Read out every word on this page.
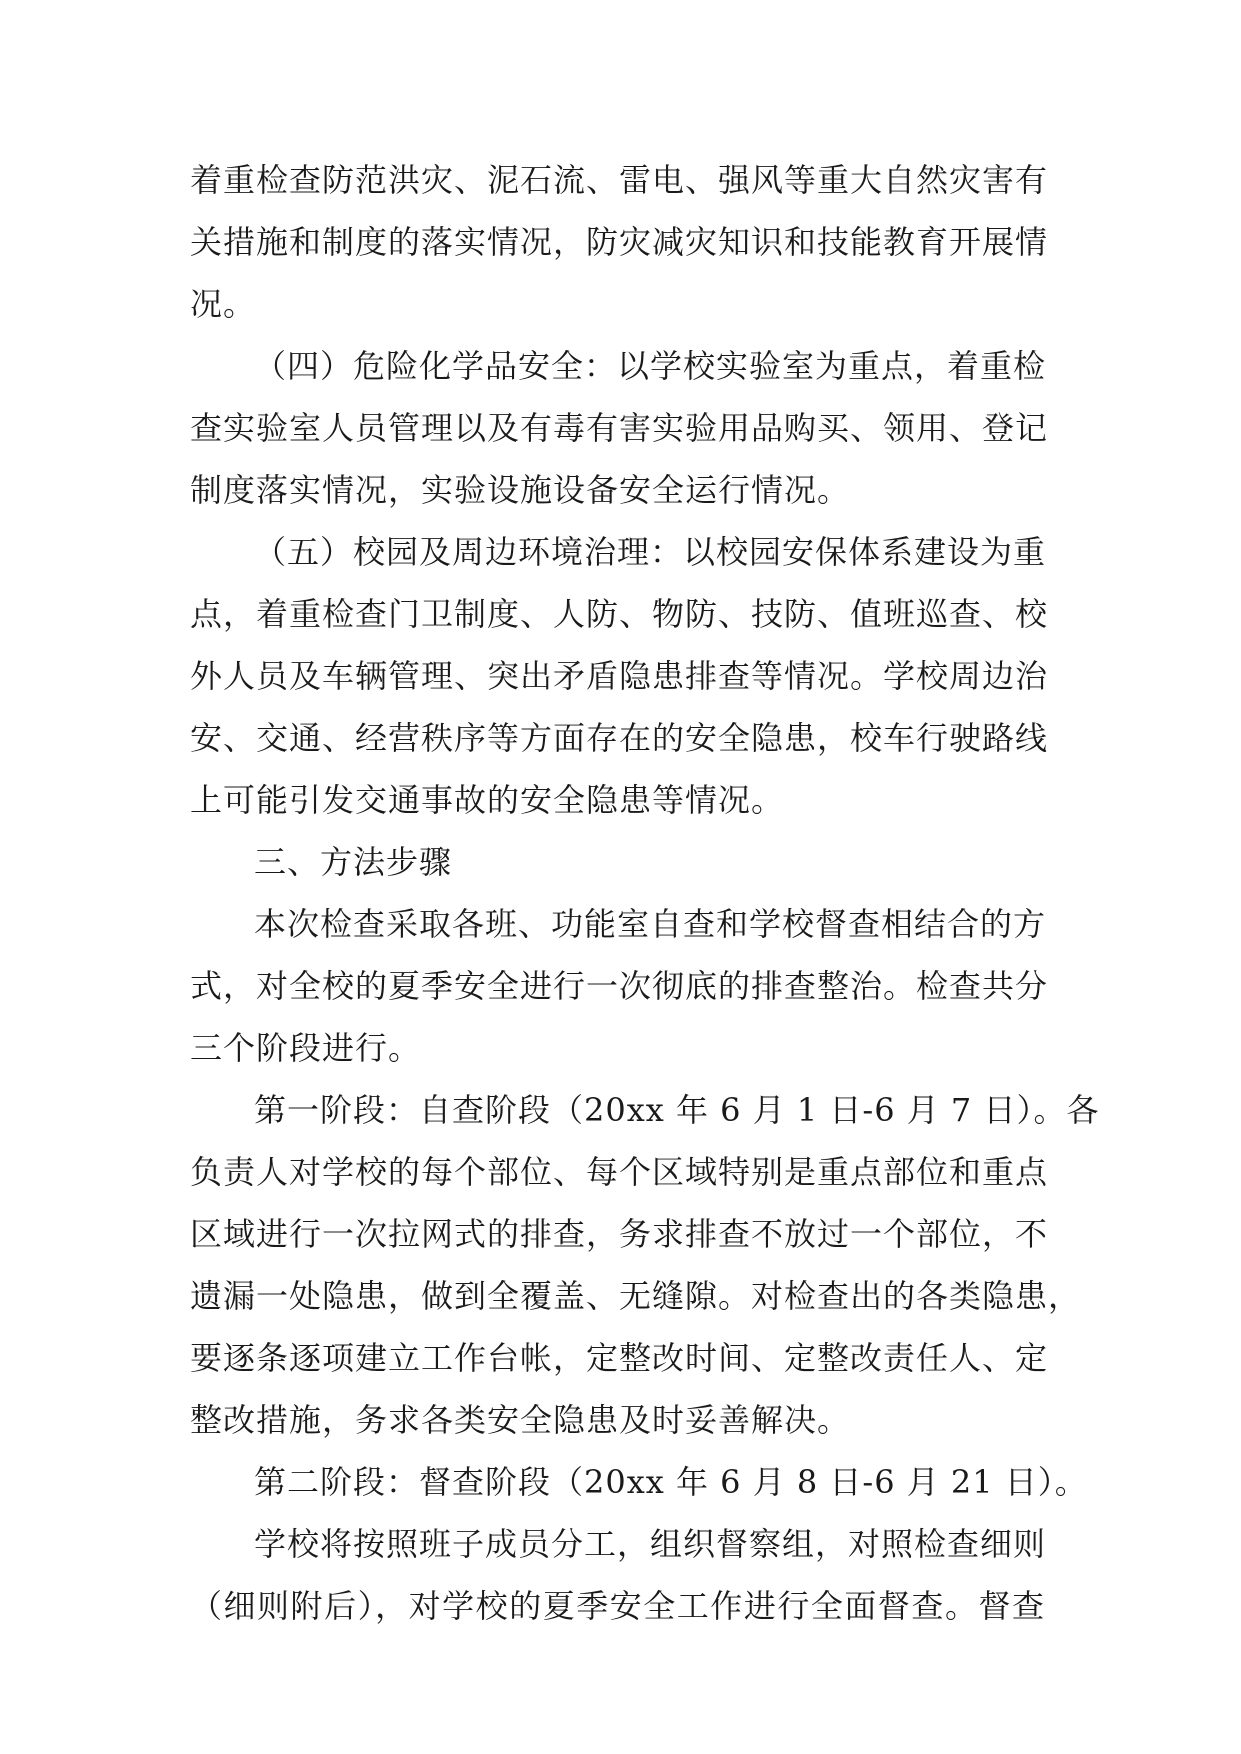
着重检查防范洪灾、泥石流、雷电、强风等重大自然灾害有
关措施和制度的落实情况，防灾减灾知识和技能教育开展情
况。
（四）危险化学品安全：以学校实验室为重点，着重检
查实验室人员管理以及有毒有害实验用品购买、领用、登记
制度落实情况，实验设施设备安全运行情况。
（五）校园及周边环境治理：以校园安保体系建设为重
点，着重检查门卫制度、人防、物防、技防、值班巡查、校
外人员及车辆管理、突出矛盾隐患排查等情况。学校周边治
安、交通、经营秩序等方面存在的安全隐患，校车行驶路线
上可能引发交通事故的安全隐患等情况。
三、方法步骤
本次检查采取各班、功能室自查和学校督查相结合的方
式，对全校的夏季安全进行一次彻底的排查整治。检查共分
三个阶段进行。
第一阶段：自查阶段（20xx 年 6 月 1 日-6 月 7 日）。各
负责人对学校的每个部位、每个区域特别是重点部位和重点
区域进行一次拉网式的排查，务求排查不放过一个部位，不
遗漏一处隐患，做到全覆盖、无缝隙。对检查出的各类隐患，
要逐条逐项建立工作台帐，定整改时间、定整改责任人、定
整改措施，务求各类安全隐患及时妥善解决。
第二阶段：督查阶段（20xx 年 6 月 8 日-6 月 21 日）。
学校将按照班子成员分工，组织督察组，对照检查细则
（细则附后），对学校的夏季安全工作进行全面督查。督查
